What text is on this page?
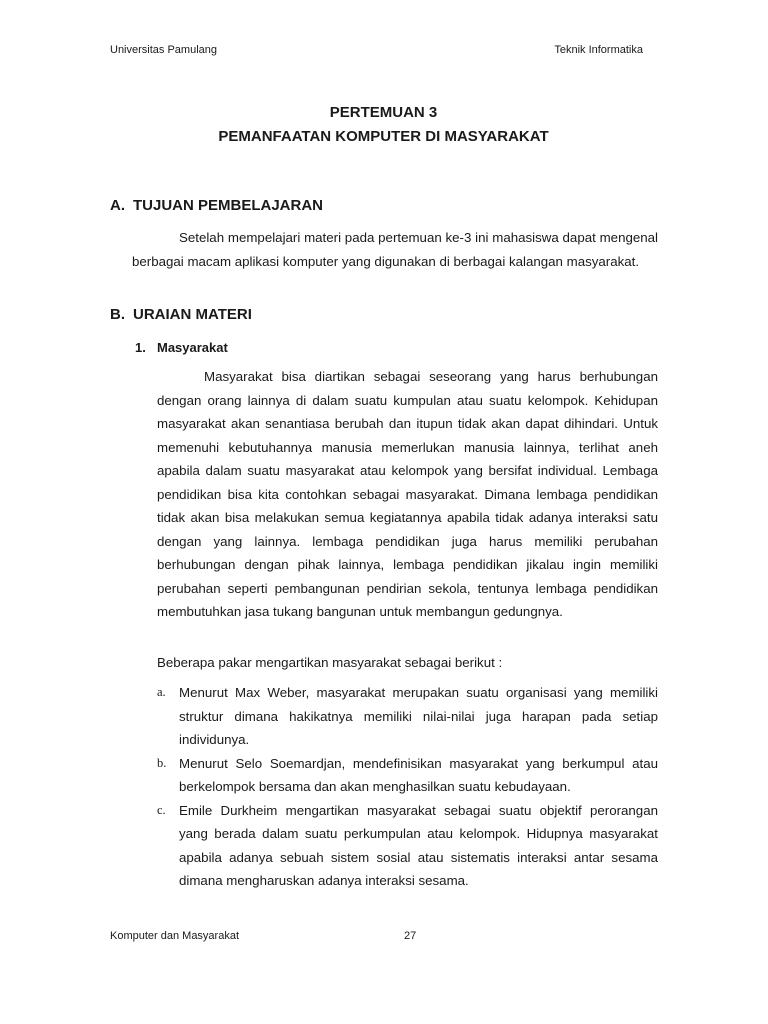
Universitas Pamulang	Teknik Informatika
PERTEMUAN 3
PEMANFAATAN KOMPUTER DI MASYARAKAT
A. TUJUAN PEMBELAJARAN

Setelah mempelajari materi pada pertemuan ke-3 ini mahasiswa dapat mengenal berbagai macam aplikasi komputer yang digunakan di berbagai kalangan masyarakat.

B. URAIAN MATERI
1. Masyarakat

Masyarakat bisa diartikan sebagai seseorang yang harus berhubungan dengan orang lainnya di dalam suatu kumpulan atau suatu kelompok. Kehidupan masyarakat akan senantiasa berubah dan itupun tidak akan dapat dihindari. Untuk memenuhi kebutuhannya manusia memerlukan manusia lainnya, terlihat aneh apabila dalam suatu masyarakat atau kelompok yang bersifat individual. Lembaga pendidikan bisa kita contohkan sebagai masyarakat. Dimana lembaga pendidikan tidak akan bisa melakukan semua kegiatannya apabila tidak adanya interaksi satu dengan yang lainnya. lembaga pendidikan juga harus memiliki perubahan berhubungan dengan pihak lainnya, lembaga pendidikan jikalau ingin memiliki perubahan seperti pembangunan pendirian sekola, tentunya lembaga pendidikan membutuhkan jasa tukang bangunan untuk membangun gedungnya.

Beberapa pakar mengartikan masyarakat sebagai berikut :

a. Menurut Max Weber, masyarakat merupakan suatu organisasi yang memiliki struktur dimana hakikatnya memiliki nilai-nilai juga harapan pada setiap individunya.
b. Menurut Selo Soemardjan, mendefinisikan masyarakat yang berkumpul atau berkelompok bersama dan akan menghasilkan suatu kebudayaan.
c. Emile Durkheim mengartikan masyarakat sebagai suatu objektif perorangan yang berada dalam suatu perkumpulan atau kelompok. Hidupnya masyarakat apabila adanya sebuah sistem sosial atau sistematis interaksi antar sesama dimana mengharuskan adanya interaksi sesama.
Komputer dan Masyarakat	27
